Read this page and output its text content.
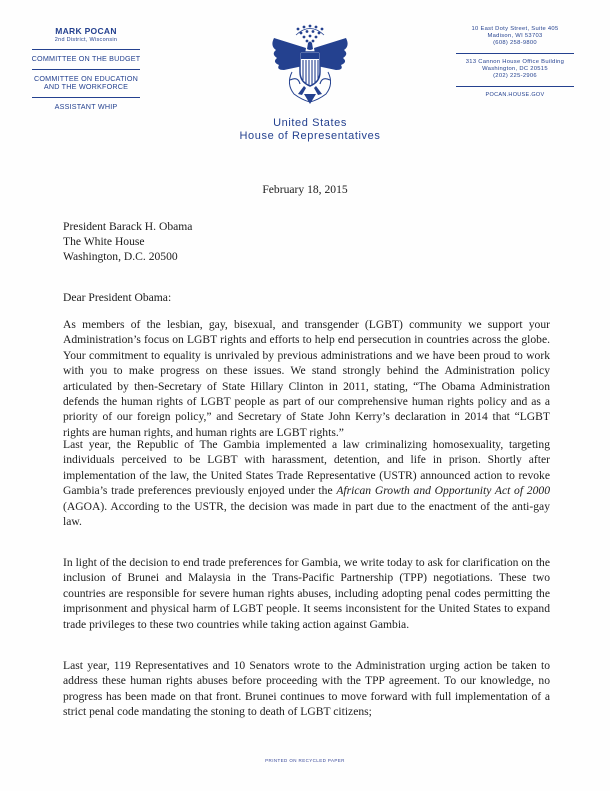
MARK POCAN
2nd District, Wisconsin
COMMITTEE ON THE BUDGET
COMMITTEE ON EDUCATION
AND THE WORKFORCE
ASSISTANT WHIP
10 East Doty Street, Suite 405
Madison, WI 53703
(608) 258-9800
313 Cannon House Office Building
Washington, DC 20515
(202) 225-2906
POCAN.HOUSE.GOV
United States
House of Representatives
February 18, 2015
President Barack H. Obama
The White House
Washington, D.C. 20500
Dear President Obama:

As members of the lesbian, gay, bisexual, and transgender (LGBT) community we support your Administration’s focus on LGBT rights and efforts to help end persecution in countries across the globe. Your commitment to equality is unrivaled by previous administrations and we have been proud to work with you to make progress on these issues. We stand strongly behind the Administration policy articulated by then-Secretary of State Hillary Clinton in 2011, stating, “The Obama Administration defends the human rights of LGBT people as part of our comprehensive human rights policy and as a priority of our foreign policy,” and Secretary of State John Kerry’s declaration in 2014 that “LGBT rights are human rights, and human rights are LGBT rights.”

Last year, the Republic of The Gambia implemented a law criminalizing homosexuality, targeting individuals perceived to be LGBT with harassment, detention, and life in prison. Shortly after implementation of the law, the United States Trade Representative (USTR) announced action to revoke Gambia’s trade preferences previously enjoyed under the African Growth and Opportunity Act of 2000 (AGOA). According to the USTR, the decision was made in part due to the enactment of the anti-gay law.

In light of the decision to end trade preferences for Gambia, we write today to ask for clarification on the inclusion of Brunei and Malaysia in the Trans-Pacific Partnership (TPP) negotiations. These two countries are responsible for severe human rights abuses, including adopting penal codes permitting the imprisonment and physical harm of LGBT people. It seems inconsistent for the United States to expand trade privileges to these two countries while taking action against Gambia.

Last year, 119 Representatives and 10 Senators wrote to the Administration urging action be taken to address these human rights abuses before proceeding with the TPP agreement. To our knowledge, no progress has been made on that front. Brunei continues to move forward with full implementation of a strict penal code mandating the stoning to death of LGBT citizens;

PRINTED ON RECYCLED PAPER
